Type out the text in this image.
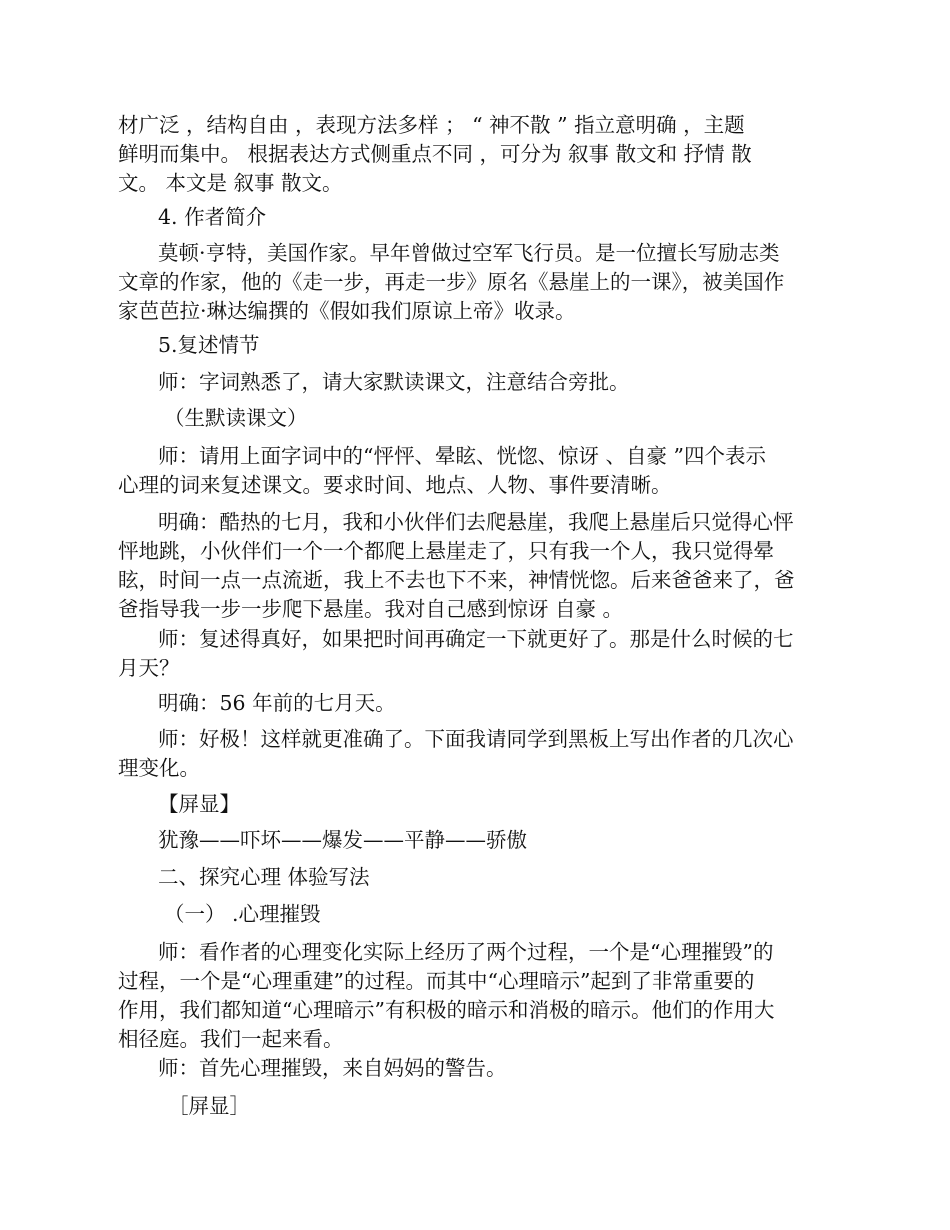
材广泛 ，结构自由 ，表现方法多样 ； “ 神不散 ” 指立意明确 ，主题
鲜明而集中。 根据表达方式侧重点不同 ，可分为 叙事 散文和 抒情 散
文。 本文是 叙事 散文。

4. 作者简介

莫顿·亨特，美国作家。早年曾做过空军飞行员。是一位擅长写励志类
文章的作家，他的《走一步，再走一步》原名《悬崖上的一课》，被美国作
家芭芭拉·琳达编撰的《假如我们原谅上帝》收录。

5.复述情节

师：字词熟悉了，请大家默读课文，注意结合旁批。

（生默读课文）

师：请用上面字词中的“怦怦、晕眩、恍惚、惊讶 、自豪 ”四个表示
心理的词来复述课文。要求时间、地点、人物、事件要清晰。

明确：酷热的七月，我和小伙伴们去爬悬崖，我爬上悬崖后只觉得心怦
怦地跳，小伙伴们一个一个都爬上悬崖走了，只有我一个人，我只觉得晕
眩，时间一点一点流逝，我上不去也下不来，神情恍惚。后来爸爸来了，爸
爸指导我一步一步爬下悬崖。我对自己感到惊讶 自豪 。

师：复述得真好，如果把时间再确定一下就更好了。那是什么时候的七
月天？

明确：56 年前的七月天。

师：好极！这样就更准确了。下面我请同学到黑板上写出作者的几次心
理变化。

【屏显】

犹豫——吓坏——爆发——平静——骄傲

二、探究心理 体验写法

（一） .心理摧毁

师：看作者的心理变化实际上经历了两个过程，一个是“心理摧毁”的
过程，一个是“心理重建”的过程。而其中“心理暗示”起到了非常重要的
作用，我们都知道“心理暗示”有积极的暗示和消极的暗示。他们的作用大
相径庭。我们一起来看。

师：首先心理摧毁，来自妈妈的警告。

［屏显］
